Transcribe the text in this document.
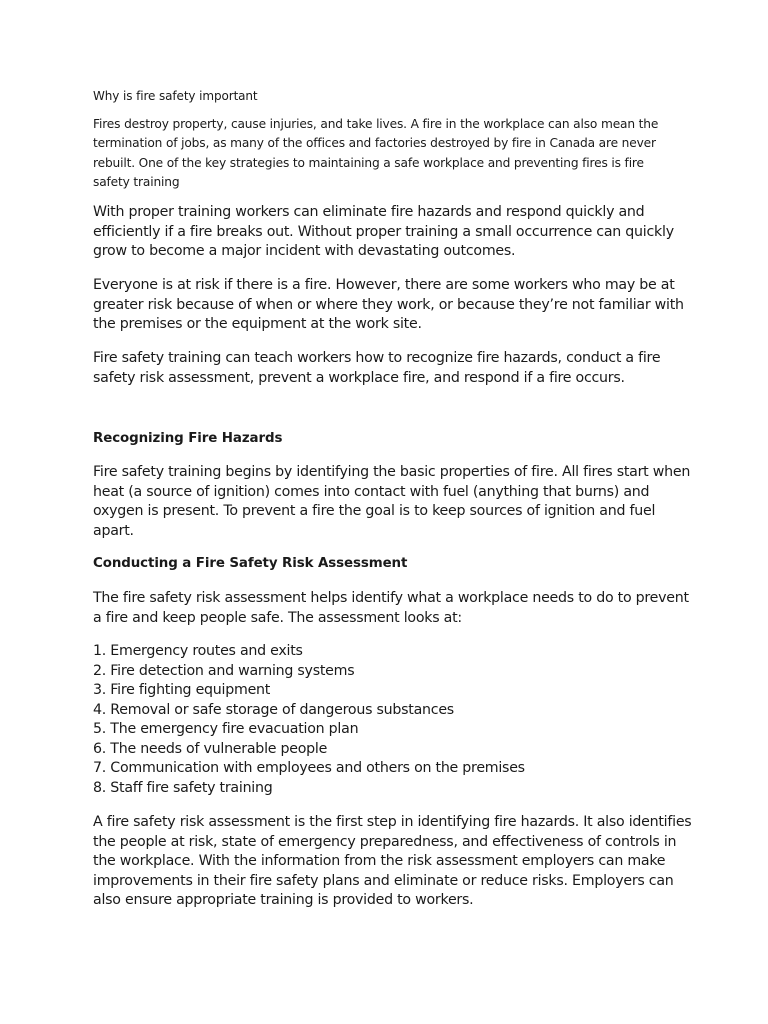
Why is fire safety important
Fires destroy property, cause injuries, and take lives. A fire in the workplace can also mean the termination of jobs, as many of the offices and factories destroyed by fire in Canada are never rebuilt. One of the key strategies to maintaining a safe workplace and preventing fires is fire safety training

With proper training workers can eliminate fire hazards and respond quickly and efficiently if a fire breaks out. Without proper training a small occurrence can quickly grow to become a major incident with devastating outcomes.

Everyone is at risk if there is a fire. However, there are some workers who may be at greater risk because of when or where they work, or because they’re not familiar with the premises or the equipment at the work site.

Fire safety training can teach workers how to recognize fire hazards, conduct a fire safety risk assessment, prevent a workplace fire, and respond if a fire occurs.

Recognizing Fire Hazards

Fire safety training begins by identifying the basic properties of fire. All fires start when heat (a source of ignition) comes into contact with fuel (anything that burns) and oxygen is present. To prevent a fire the goal is to keep sources of ignition and fuel apart.

Conducting a Fire Safety Risk Assessment

The fire safety risk assessment helps identify what a workplace needs to do to prevent a fire and keep people safe. The assessment looks at:

1. Emergency routes and exits
2. Fire detection and warning systems
3. Fire fighting equipment
4. Removal or safe storage of dangerous substances
5. The emergency fire evacuation plan
6. The needs of vulnerable people
7. Communication with employees and others on the premises
8. Staff fire safety training

A fire safety risk assessment is the first step in identifying fire hazards. It also identifies the people at risk, state of emergency preparedness, and effectiveness of controls in the workplace. With the information from the risk assessment employers can make improvements in their fire safety plans and eliminate or reduce risks. Employers can also ensure appropriate training is provided to workers.
